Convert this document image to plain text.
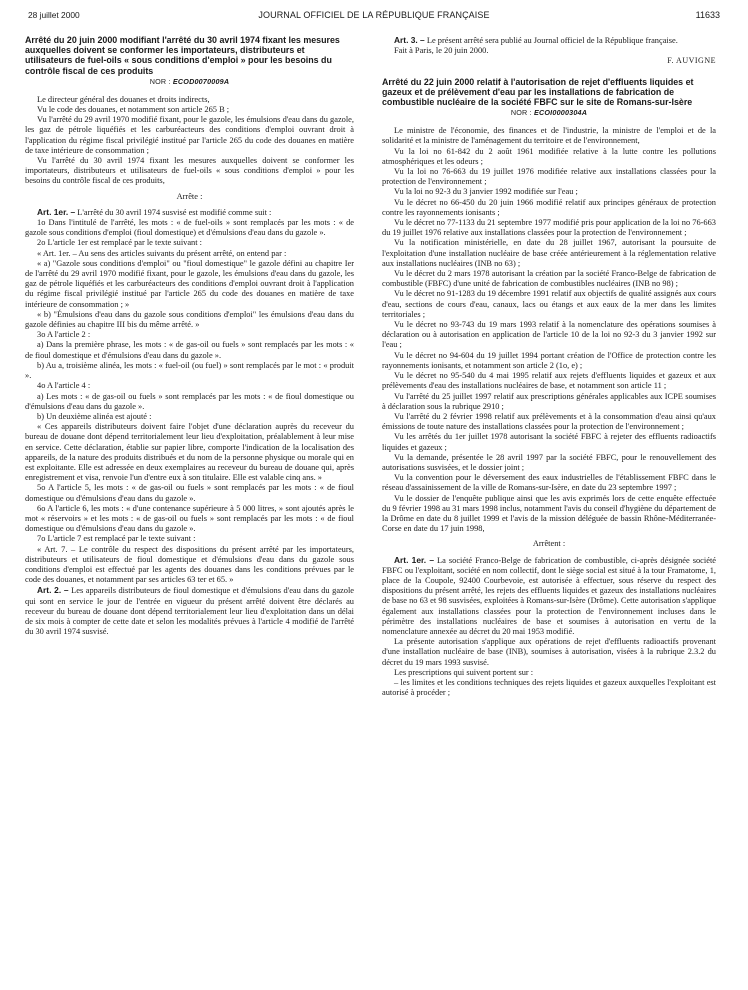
28 juillet 2000	JOURNAL OFFICIEL DE LA RÉPUBLIQUE FRANÇAISE	11633

Arrêté du 20 juin 2000 modifiant l'arrêté du 30 avril 1974 fixant les mesures auxquelles doivent se conformer les importateurs, distributeurs et utilisateurs de fuel-oils « sous conditions d'emploi » pour les besoins du contrôle fiscal de ces produits

NOR : ECOD0070009A

Le directeur général des douanes et droits indirects,

Vu le code des douanes, et notamment son article 265 B ;

Vu l'arrêté du 29 avril 1970 modifié fixant, pour le gazole, les émulsions d'eau dans du gazole, les gaz de pétrole liquéfiés et les carburéacteurs des conditions d'emploi ouvrant droit à l'application du régime fiscal privilégié institué par l'article 265 du code des douanes en matière de taxe intérieure de consommation ;

Vu l'arrêté du 30 avril 1974 fixant les mesures auxquelles doivent se conformer les importateurs, distributeurs et utilisateurs de fuel-oils « sous conditions d'emploi » pour les besoins du contrôle fiscal de ces produits,

Arrête :

Art. 1er. – L'arrêté du 30 avril 1974 susvisé est modifié comme suit :

1o Dans l'intitulé de l'arrêté, les mots : « de fuel-oils » sont remplacés par les mots : « de gazole sous conditions d'emploi (fioul domestique) et d'émulsions d'eau dans du gazole ».

2o L'article 1er est remplacé par le texte suivant :

« Art. 1er. – Au sens des articles suivants du présent arrêté, on entend par :

« a) "Gazole sous conditions d'emploi" ou "fioul domestique" le gazole défini au chapitre Ier de l'arrêté du 29 avril 1970 modifié fixant, pour le gazole, les émulsions d'eau dans du gazole, les gaz de pétrole liquéfiés et les carburéacteurs des conditions d'emploi ouvrant droit à l'application du régime fiscal privilégié institué par l'article 265 du code des douanes en matière de taxe intérieure de consommation ; »

« b) "Émulsions d'eau dans du gazole sous conditions d'emploi" les émulsions d'eau dans du gazole définies au chapitre III bis du même arrêté. »

3o A l'article 2 :

a) Dans la première phrase, les mots : « de gas-oil ou fuels » sont remplacés par les mots : « de fioul domestique et d'émulsions d'eau dans du gazole ».

b) Au a, troisième alinéa, les mots : « fuel-oil (ou fuel) » sont remplacés par le mot : « produit ».

4o A l'article 4 :

a) Les mots : « de gas-oil ou fuels » sont remplacés par les mots : « de fioul domestique ou d'émulsions d'eau dans du gazole ».

b) Un deuxième alinéa est ajouté :

« Ces appareils distributeurs doivent faire l'objet d'une déclaration auprès du receveur du bureau de douane dont dépend territorialement leur lieu d'exploitation, préalablement à leur mise en service. Cette déclaration, établie sur papier libre, comporte l'indication de la localisation des appareils, de la nature des produits distribués et du nom de la personne physique ou morale qui en est exploitante. Elle est adressée en deux exemplaires au receveur du bureau de douane qui, après enregistrement et visa, renvoie l'un d'entre eux à son titulaire. Elle est valable cinq ans. »

5o A l'article 5, les mots : « de gas-oil ou fuels » sont remplacés par les mots : « de fioul domestique ou d'émulsions d'eau dans du gazole ».

6o A l'article 6, les mots : « d'une contenance supérieure à 5 000 litres, » sont ajoutés après le mot « réservoirs » et les mots : « de gas-oil ou fuels » sont remplacés par les mots : « de fioul domestique ou d'émulsions d'eau dans du gazole ».

7o L'article 7 est remplacé par le texte suivant :

« Art. 7. – Le contrôle du respect des dispositions du présent arrêté par les importateurs, distributeurs et utilisateurs de fioul domestique et d'émulsions d'eau dans du gazole sous conditions d'emploi est effectué par les agents des douanes dans les conditions prévues par le code des douanes, et notamment par ses articles 63 ter et 65. »

Art. 2. – Les appareils distributeurs de fioul domestique et d'émulsions d'eau dans du gazole qui sont en service le jour de l'entrée en vigueur du présent arrêté doivent être déclarés au receveur du bureau de douane dont dépend territorialement leur lieu d'exploitation dans un délai de six mois à compter de cette date et selon les modalités prévues à l'article 4 modifié de l'arrêté du 30 avril 1974 susvisé.

Art. 3. – Le présent arrêté sera publié au Journal officiel de la République française.

Fait à Paris, le 20 juin 2000.

F. AUVIGNE

Arrêté du 22 juin 2000 relatif à l'autorisation de rejet d'effluents liquides et gazeux et de prélèvement d'eau par les installations de fabrication de combustible nucléaire de la société FBFC sur le site de Romans-sur-Isère

NOR : ECOI0000304A

Le ministre de l'économie, des finances et de l'industrie, la ministre de l'emploi et de la solidarité et la ministre de l'aménagement du territoire et de l'environnement,

Vu la loi no 61-842 du 2 août 1961 modifiée relative à la lutte contre les pollutions atmosphériques et les odeurs ;

Vu la loi no 76-663 du 19 juillet 1976 modifiée relative aux installations classées pour la protection de l'environnement ;

Vu la loi no 92-3 du 3 janvier 1992 modifiée sur l'eau ;

Vu le décret no 66-450 du 20 juin 1966 modifié relatif aux principes généraux de protection contre les rayonnements ionisants ;

Vu le décret no 77-1133 du 21 septembre 1977 modifié pris pour application de la loi no 76-663 du 19 juillet 1976 relative aux installations classées pour la protection de l'environnement ;

Vu la notification ministérielle, en date du 28 juillet 1967, autorisant la poursuite de l'exploitation d'une installation nucléaire de base créée antérieurement à la réglementation relative aux installations nucléaires (INB no 63) ;

Vu le décret du 2 mars 1978 autorisant la création par la société Franco-Belge de fabrication de combustible (FBFC) d'une unité de fabrication de combustibles nucléaires (INB no 98) ;

Vu le décret no 91-1283 du 19 décembre 1991 relatif aux objectifs de qualité assignés aux cours d'eau, sections de cours d'eau, canaux, lacs ou étangs et aux eaux de la mer dans les limites territoriales ;

Vu le décret no 93-743 du 19 mars 1993 relatif à la nomenclature des opérations soumises à déclaration ou à autorisation en application de l'article 10 de la loi no 92-3 du 3 janvier 1992 sur l'eau ;

Vu le décret no 94-604 du 19 juillet 1994 portant création de l'Office de protection contre les rayonnements ionisants, et notamment son article 2 (1o, e) ;

Vu le décret no 95-540 du 4 mai 1995 relatif aux rejets d'effluents liquides et gazeux et aux prélèvements d'eau des installations nucléaires de base, et notamment son article 11 ;

Vu l'arrêté du 25 juillet 1997 relatif aux prescriptions générales applicables aux ICPE soumises à déclaration sous la rubrique 2910 ;

Vu l'arrêté du 2 février 1998 relatif aux prélèvements et à la consommation d'eau ainsi qu'aux émissions de toute nature des installations classées pour la protection de l'environnement ;

Vu les arrêtés du 1er juillet 1978 autorisant la société FBFC à rejeter des effluents radioactifs liquides et gazeux ;

Vu la demande, présentée le 28 avril 1997 par la société FBFC, pour le renouvellement des autorisations susvisées, et le dossier joint ;

Vu la convention pour le déversement des eaux industrielles de l'établissement FBFC dans le réseau d'assainissement de la ville de Romans-sur-Isère, en date du 23 septembre 1997 ;

Vu le dossier de l'enquête publique ainsi que les avis exprimés lors de cette enquête effectuée du 9 février 1998 au 31 mars 1998 inclus, notamment l'avis du conseil d'hygiène du département de la Drôme en date du 8 juillet 1999 et l'avis de la mission déléguée de bassin Rhône-Méditerranée-Corse en date du 17 juin 1998,

Arrêtent :

Art. 1er. – La société Franco-Belge de fabrication de combustible, ci-après désignée société FBFC ou l'exploitant, société en nom collectif, dont le siège social est situé à la tour Framatome, 1, place de la Coupole, 92400 Courbevoie, est autorisée à effectuer, sous réserve du respect des dispositions du présent arrêté, les rejets des effluents liquides et gazeux des installations nucléaires de base no 63 et 98 susvisées, exploitées à Romans-sur-Isère (Drôme). Cette autorisation s'applique également aux installations classées pour la protection de l'environnement incluses dans le périmètre des installations nucléaires de base et soumises à autorisation en vertu de la nomenclature annexée au décret du 20 mai 1953 modifié.

La présente autorisation s'applique aux opérations de rejet d'effluents radioactifs provenant d'une installation nucléaire de base (INB), soumises à autorisation, visées à la rubrique 2.3.2 du décret du 19 mars 1993 susvisé.

Les prescriptions qui suivent portent sur :

– les limites et les conditions techniques des rejets liquides et gazeux auxquelles l'exploitant est autorisé à procéder ;
